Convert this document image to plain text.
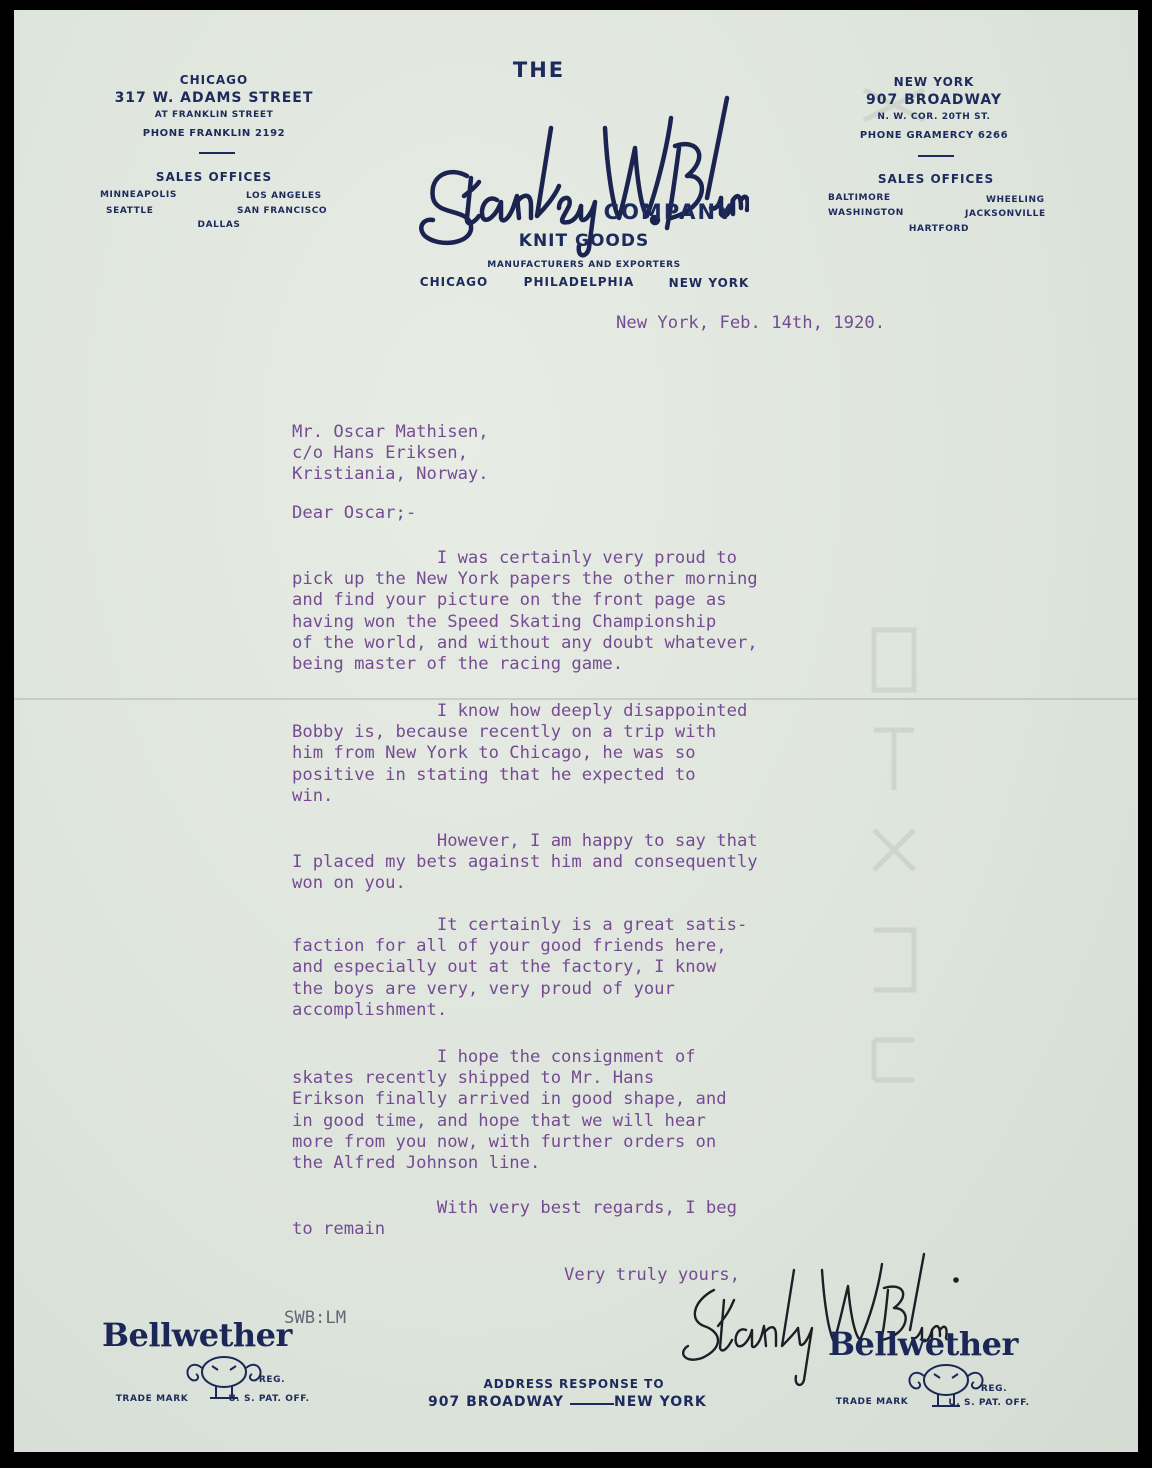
CHICAGO

317 W. ADAMS STREET

AT FRANKLIN STREET

PHONE FRANKLIN 2192

SALES OFFICES

MINNEAPOLIS	LOS ANGELES

SEATTLE	SAN FRANCISCO

DALLAS

THE

COMPANY

KNIT GOODS

MANUFACTURERS AND EXPORTERS

CHICAGO	PHILADELPHIA	NEW YORK

NEW YORK

907 BROADWAY

N. W. COR. 20TH ST.

PHONE GRAMERCY 6266

SALES OFFICES

BALTIMORE	WHEELING

WASHINGTON	JACKSONVILLE

HARTFORD

New York, Feb. 14th, 1920.

Mr. Oscar Mathisen,
c/o Hans Eriksen,
Kristiania, Norway.

Dear Oscar;-

I was certainly very proud to
pick up the New York papers the other morning
and find your picture on the front page as
having won the Speed Skating Championship
of the world, and without any doubt whatever,
being master of the racing game.

I know how deeply disappointed
Bobby is, because recently on a trip with
him from New York to Chicago, he was so
positive in stating that he expected to
win.

However, I am happy to say that
I placed my bets against him and consequently
won on you.

It certainly is a great satis-
faction for all of your good friends here,
and especially out at the factory, I know
the boys are very, very proud of your
accomplishment.

I hope the consignment of
skates recently shipped to Mr. Hans
Erikson finally arrived in good shape, and
in good time, and hope that we will hear
more from you now, with further orders on
the Alfred Johnson line.

With very best regards, I beg
to remain

Very truly yours,

SWB:LM

Bellwether

REG.

TRADE MARK	U. S. PAT. OFF.

ADDRESS RESPONSE TO

907 BROADWAY	NEW YORK

Bellwether

REG.

TRADE MARK	U. S. PAT. OFF.
